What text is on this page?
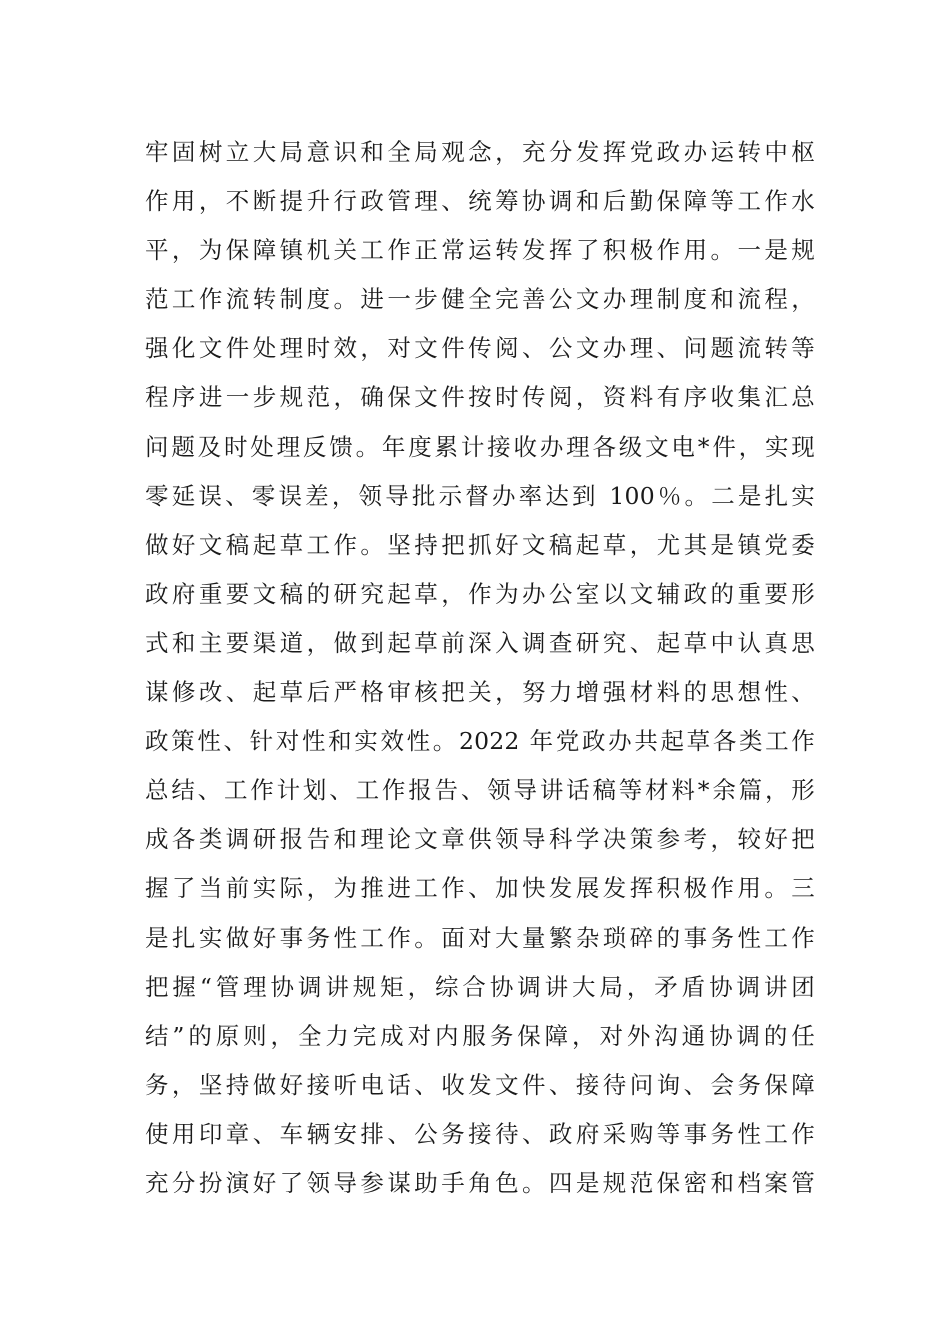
牢固树立大局意识和全局观念，充分发挥党政办运转中枢
作用，不断提升行政管理、统筹协调和后勤保障等工作水
平，为保障镇机关工作正常运转发挥了积极作用。一是规
范工作流转制度。进一步健全完善公文办理制度和流程，
强化文件处理时效，对文件传阅、公文办理、问题流转等
程序进一步规范，确保文件按时传阅，资料有序收集汇总
问题及时处理反馈。年度累计接收办理各级文电*件，实现
零延误、零误差，领导批示督办率达到 100％。二是扎实
做好文稿起草工作。坚持把抓好文稿起草，尤其是镇党委
政府重要文稿的研究起草，作为办公室以文辅政的重要形
式和主要渠道，做到起草前深入调查研究、起草中认真思
谋修改、起草后严格审核把关，努力增强材料的思想性、
政策性、针对性和实效性。2022 年党政办共起草各类工作
总结、工作计划、工作报告、领导讲话稿等材料*余篇，形
成各类调研报告和理论文章供领导科学决策参考，较好把
握了当前实际，为推进工作、加快发展发挥积极作用。三
是扎实做好事务性工作。面对大量繁杂琐碎的事务性工作
把握“管理协调讲规矩，综合协调讲大局，矛盾协调讲团
结”的原则，全力完成对内服务保障，对外沟通协调的任
务，坚持做好接听电话、收发文件、接待问询、会务保障
使用印章、车辆安排、公务接待、政府采购等事务性工作
充分扮演好了领导参谋助手角色。四是规范保密和档案管
